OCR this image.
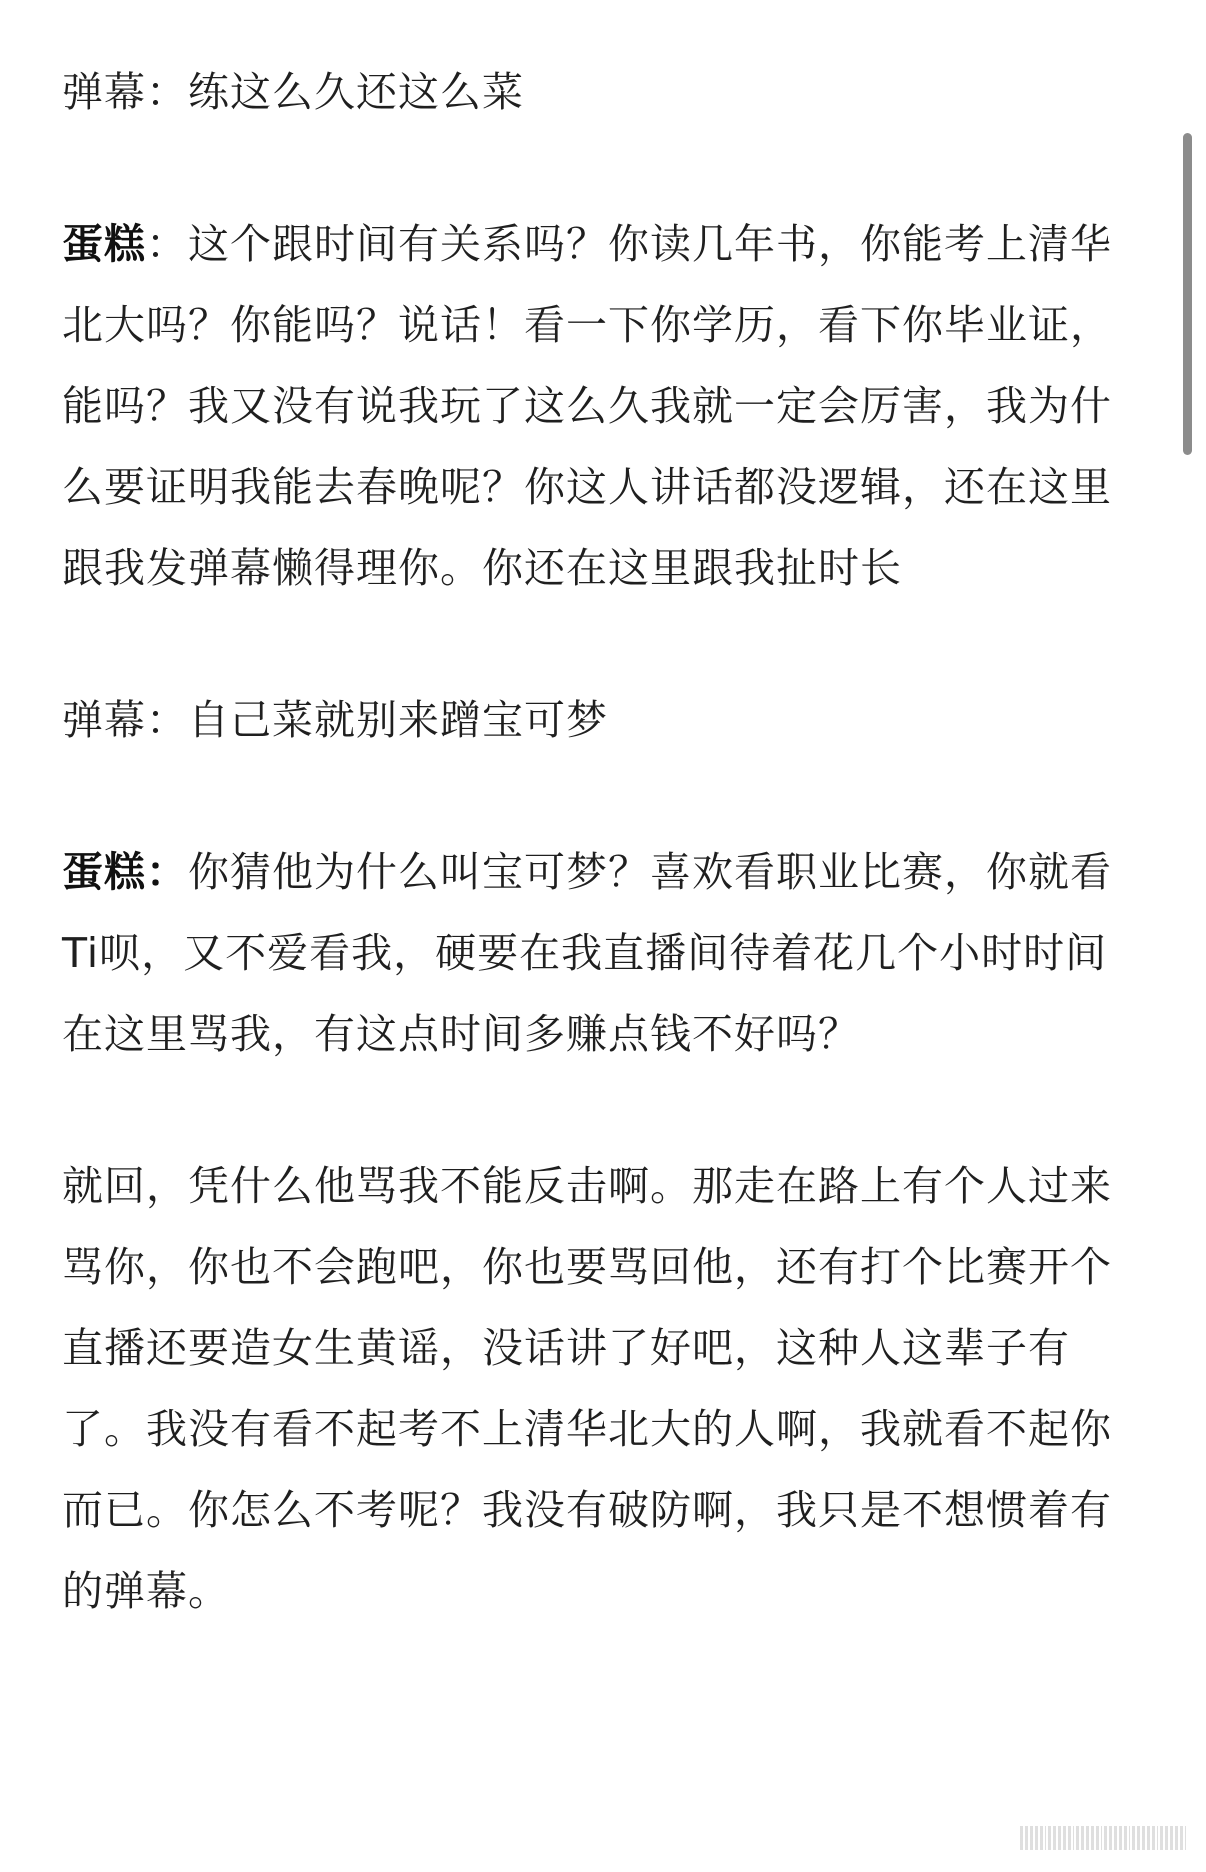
弹幕：练这么久还这么菜

蛋糕：这个跟时间有关系吗？你读几年书，你能考上清华北大吗？你能吗？说话！看一下你学历，看下你毕业证，能吗？我又没有说我玩了这么久我就一定会厉害，我为什么要证明我能去春晚呢？你这人讲话都没逻辑，还在这里跟我发弹幕懒得理你。你还在这里跟我扯时长

弹幕：自己菜就别来蹭宝可梦

蛋糕：你猜他为什么叫宝可梦？喜欢看职业比赛，你就看Ti呗，又不爱看我，硬要在我直播间待着花几个小时时间在这里骂我，有这点时间多赚点钱不好吗？

就回，凭什么他骂我不能反击啊。那走在路上有个人过来骂你，你也不会跑吧，你也要骂回他，还有打个比赛开个直播还要造女生黄谣，没话讲了好吧，这种人这辈子有了。我没有看不起考不上清华北大的人啊，我就看不起你而已。你怎么不考呢？我没有破防啊，我只是不想惯着有的弹幕。
